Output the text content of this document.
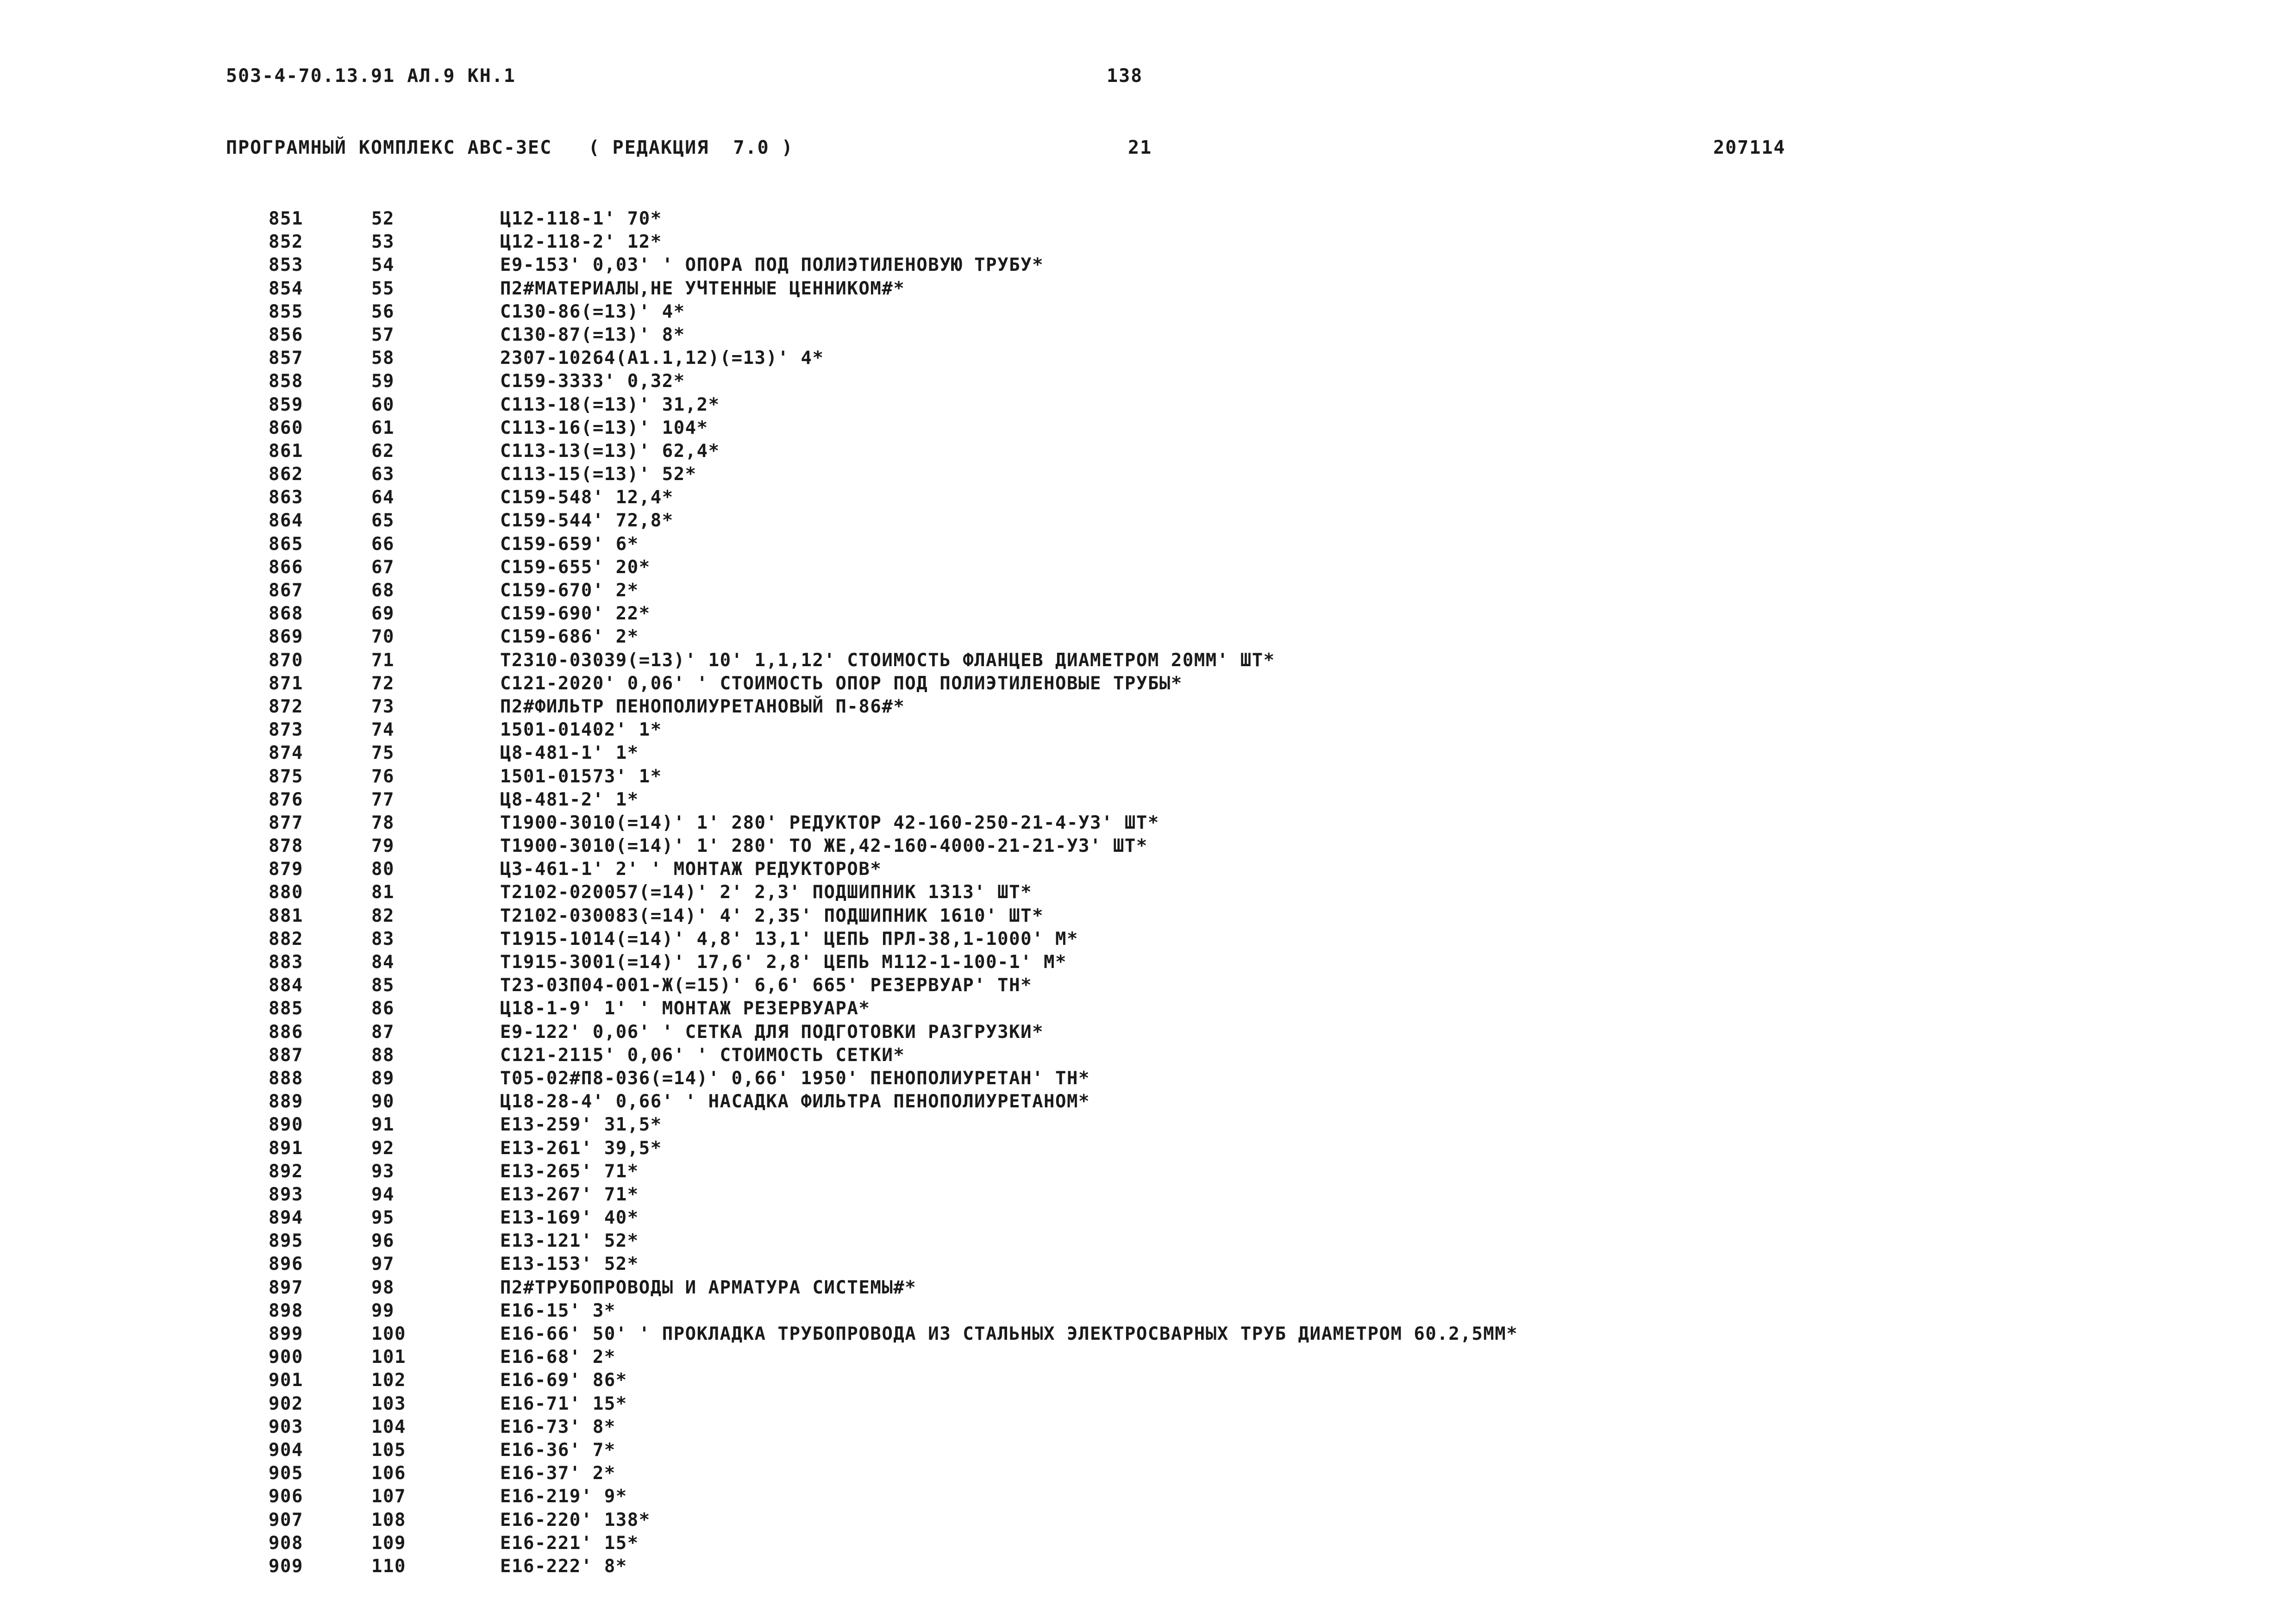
503-4-70.13.91 АЛ.9 КН.1	138
ПРОГРАМНЫЙ КОМПЛЕКС АВС-3ЕС   ( РЕДАКЦИЯ  7.0 )	21	207114
851	52	Ц12-118-1' 70*
852	53	Ц12-118-2' 12*
853	54	Е9-153' 0,03' ' ОПОРА ПОД ПОЛИЭТИЛЕНОВУЮ ТРУБУ*
854	55	П2#МАТЕРИАЛЫ,НЕ УЧТЕННЫЕ ЦЕННИКОМ#*
855	56	С130-86(=13)' 4*
856	57	С130-87(=13)' 8*
857	58	2307-10264(А1.1,12)(=13)' 4*
858	59	С159-3333' 0,32*
859	60	С113-18(=13)' 31,2*
860	61	С113-16(=13)' 104*
861	62	С113-13(=13)' 62,4*
862	63	С113-15(=13)' 52*
863	64	С159-548' 12,4*
864	65	С159-544' 72,8*
865	66	С159-659' 6*
866	67	С159-655' 20*
867	68	С159-670' 2*
868	69	С159-690' 22*
869	70	С159-686' 2*
870	71	Т2310-03039(=13)' 10' 1,1,12' СТОИМОСТЬ ФЛАНЦЕВ ДИАМЕТРОМ 20ММ' ШТ*
871	72	С121-2020' 0,06' ' СТОИМОСТЬ ОПОР ПОД ПОЛИЭТИЛЕНОВЫЕ ТРУБЫ*
872	73	П2#ФИЛЬТР ПЕНОПОЛИУРЕТАНОВЫЙ П-86#*
873	74	1501-01402' 1*
874	75	Ц8-481-1' 1*
875	76	1501-01573' 1*
876	77	Ц8-481-2' 1*
877	78	Т1900-3010(=14)' 1' 280' РЕДУКТОР 42-160-250-21-4-У3' ШТ*
878	79	Т1900-3010(=14)' 1' 280' ТО ЖЕ,42-160-4000-21-21-У3' ШТ*
879	80	Ц3-461-1' 2' ' МОНТАЖ РЕДУКТОРОВ*
880	81	Т2102-020057(=14)' 2' 2,3' ПОДШИПНИК 1313' ШТ*
881	82	Т2102-030083(=14)' 4' 2,35' ПОДШИПНИК 1610' ШТ*
882	83	Т1915-1014(=14)' 4,8' 13,1' ЦЕПЬ ПРЛ-38,1-1000' М*
883	84	Т1915-3001(=14)' 17,6' 2,8' ЦЕПЬ М112-1-100-1' М*
884	85	Т23-03П04-001-Ж(=15)' 6,6' 665' РЕЗЕРВУАР' ТН*
885	86	Ц18-1-9' 1' ' МОНТАЖ РЕЗЕРВУАРА*
886	87	Е9-122' 0,06' ' СЕТКА ДЛЯ ПОДГОТОВКИ РАЗГРУЗКИ*
887	88	С121-2115' 0,06' ' СТОИМОСТЬ СЕТКИ*
888	89	Т05-02#П8-036(=14)' 0,66' 1950' ПЕНОПОЛИУРЕТАН' ТН*
889	90	Ц18-28-4' 0,66' ' НАСАДКА ФИЛЬТРА ПЕНОПОЛИУРЕТАНОМ*
890	91	Е13-259' 31,5*
891	92	Е13-261' 39,5*
892	93	Е13-265' 71*
893	94	Е13-267' 71*
894	95	Е13-169' 40*
895	96	Е13-121' 52*
896	97	Е13-153' 52*
897	98	П2#ТРУБОПРОВОДЫ И АРМАТУРА СИСТЕМЫ#*
898	99	Е16-15' 3*
899	100	Е16-66' 50' ' ПРОКЛАДКА ТРУБОПРОВОДА ИЗ СТАЛЬНЫХ ЭЛЕКТРОСВАРНЫХ ТРУБ ДИАМЕТРОМ 60.2,5ММ*
900	101	Е16-68' 2*
901	102	Е16-69' 86*
902	103	Е16-71' 15*
903	104	Е16-73' 8*
904	105	Е16-36' 7*
905	106	Е16-37' 2*
906	107	Е16-219' 9*
907	108	Е16-220' 138*
908	109	Е16-221' 15*
909	110	Е16-222' 8*
